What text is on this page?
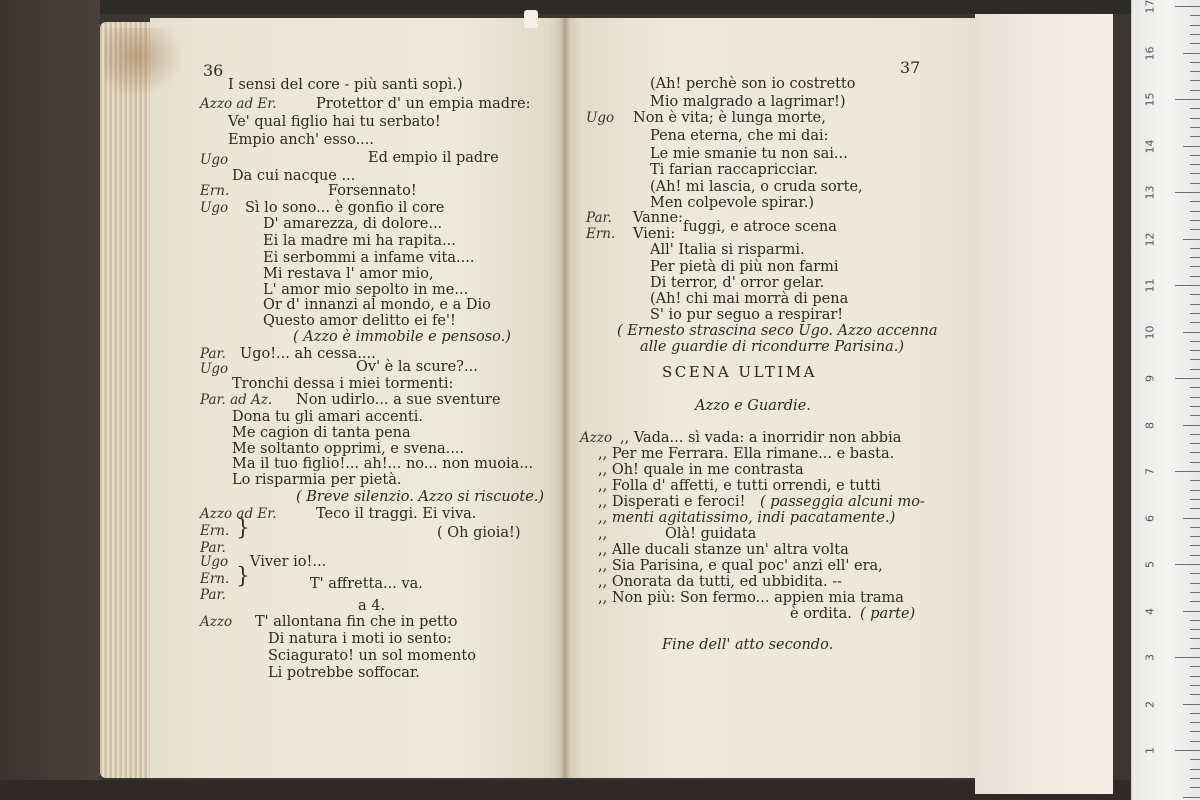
36
I sensi del core - più santi sopì.)
Protettor d' un empia madre:
Ve' qual figlio hai tu serbato!
Empio anch' esso....
Ed empio il padre
Da cui nacque ...
Forsennato!
Sì lo sono... è gonfio il core
D' amarezza, di dolore...
Ei la madre mi ha rapita...
Ei serbommi a infame vita....
Mi restava l' amor mio,
L' amor mio sepolto in me...
Or d' innanzi al mondo, e a Dio
Questo amor delitto ei fe'!
( Azzo è immobile e pensoso.)
Ugo!... ah cessa....
Ov' è la scure?...
Tronchi dessa i miei tormenti:
Non udirlo... a sue sventure
Dona tu gli amari accenti.
Me cagion di tanta pena
Me soltanto opprimi, e svena....
Ma il tuo figlio!... ah!... no... non muoia...
Lo risparmia per pietà.
( Breve silenzio. Azzo si riscuote.)
Teco il traggi. Ei viva.
( Oh gioia!)
Viver io!...
T' affretta... va.
a 4.
T' allontana fin che in petto
Di natura i moti io sento:
Sciagurato! un sol momento
Li potrebbe soffocar.
Azzo ad Er.
Ugo
Ern.
Ugo
Par.
Ugo
Par. ad Az.
Azzo ad Er.
Ern.
Par.
Ugo
Ern.
Par.
Azzo
}
}
37
(Ah! perchè son io costretto
Mio malgrado a lagrimar!)
Non è vita; è lunga morte,
Pena eterna, che mi dai:
Le mie smanie tu non sai...
Ti farian raccapricciar.
(Ah! mi lascia, o cruda sorte,
Men colpevole spirar.)
Vanne:
fuggi, e atroce scena
Vieni:
All' Italia si risparmi.
Per pietà di più non farmi
Di terror, d' orror gelar.
(Ah! chi mai morrà di pena
S' io pur seguo a respirar!
( Ernesto strascina seco Ugo. Azzo accenna
alle guardie di ricondurre Parisina.)
Ugo
Par.
Ern.
Azzo
SCENA ULTIMA
Azzo e Guardie.
,, Vada... sì vada: a inorridir non abbia
,, Per me Ferrara. Ella rimane... e basta.
,, Oh! quale in me contrasta
,, Folla d' affetti, e tutti orrendi, e tutti
,, Disperati e feroci! ( passeggia alcuni mo-
,, menti agitatissimo, indi pacatamente.)
,,	Olà! guidata
,, Alle ducali stanze un' altra volta
,, Sia Parisina, e qual poc' anzi ell' era,
,, Onorata da tutti, ed ubbidita. --
,, Non più: Son fermo... appien mia trama
è ordita. ( parte)
Fine dell' atto secondo.
17
16
15
14
13
12
11
10
9
8
7
6
5
4
3
2
1
